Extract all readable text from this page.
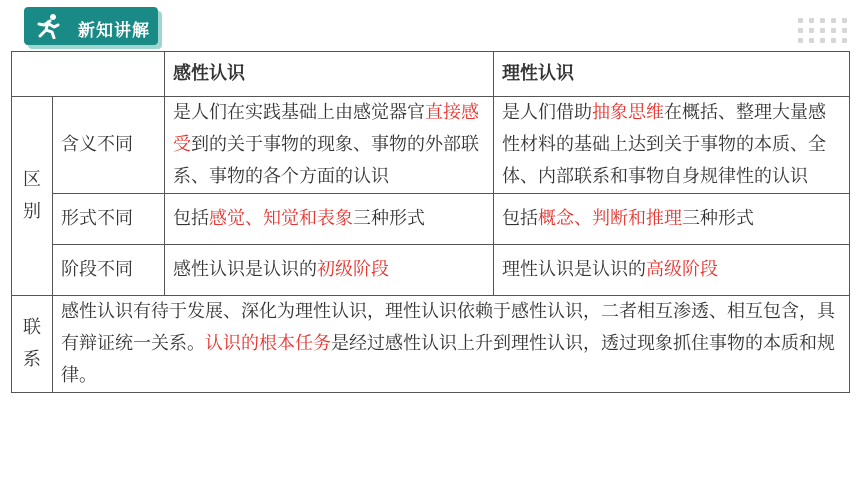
新知讲解
		感性认识	理性认识
区别	含义不同	是人们在实践基础上由感觉器官直接感受到的关于事物的现象、事物的外部联系、事物的各个方面的认识	是人们借助抽象思维在概括、整理大量感性材料的基础上达到关于事物的本质、全体、内部联系和事物自身规律性的认识
	形式不同	包括感觉、知觉和表象三种形式	包括概念、判断和推理三种形式
	阶段不同	感性认识是认识的初级阶段	理性认识是认识的高级阶段
联系	感性认识有待于发展、深化为理性认识，理性认识依赖于感性认识，二者相互渗透、相互包含，具有辩证统一关系。认识的根本任务是经过感性认识上升到理性认识，透过现象抓住事物的本质和规律。		
